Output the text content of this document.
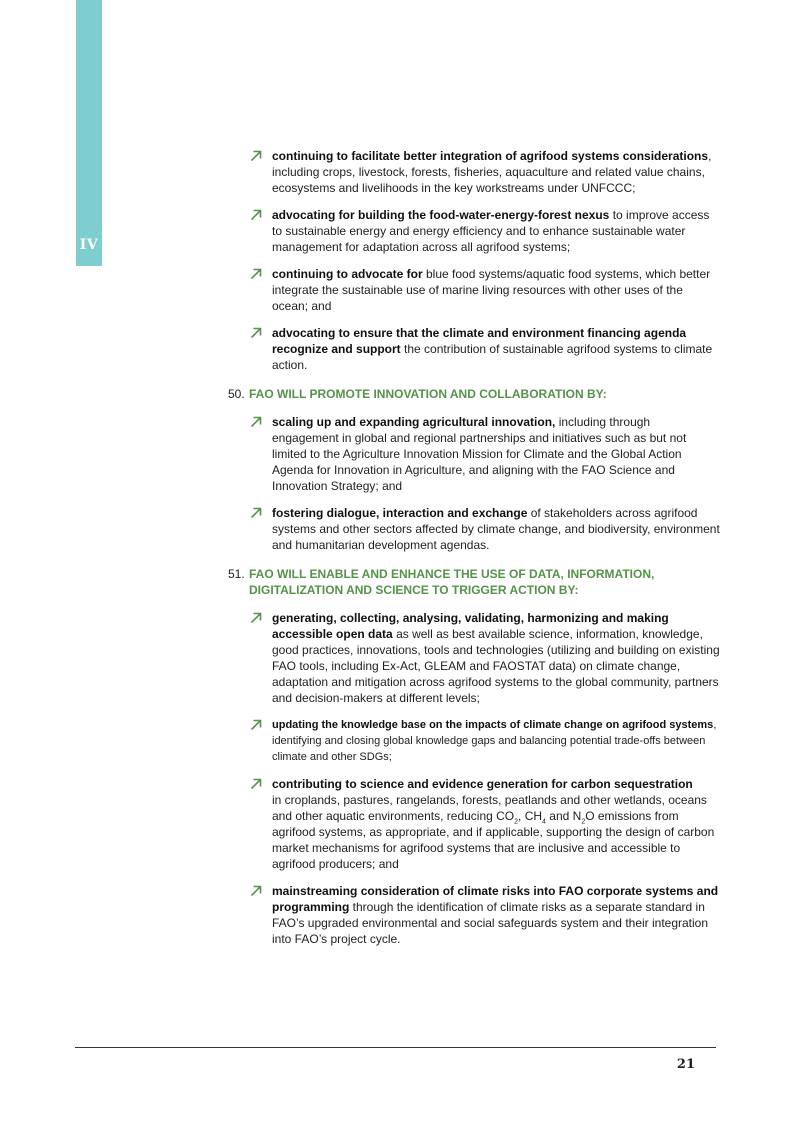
IV
continuing to facilitate better integration of agrifood systems considerations, including crops, livestock, forests, fisheries, aquaculture and related value chains, ecosystems and livelihoods in the key workstreams under UNFCCC;
advocating for building the food-water-energy-forest nexus to improve access to sustainable energy and energy efficiency and to enhance sustainable water management for adaptation across all agrifood systems;
continuing to advocate for blue food systems/aquatic food systems, which better integrate the sustainable use of marine living resources with other uses of the ocean; and
advocating to ensure that the climate and environment financing agenda recognize and support the contribution of sustainable agrifood systems to climate action.
50. FAO WILL PROMOTE INNOVATION AND COLLABORATION BY:
scaling up and expanding agricultural innovation, including through engagement in global and regional partnerships and initiatives such as but not limited to the Agriculture Innovation Mission for Climate and the Global Action Agenda for Innovation in Agriculture, and aligning with the FAO Science and Innovation Strategy; and
fostering dialogue, interaction and exchange of stakeholders across agrifood systems and other sectors affected by climate change, and biodiversity, environment and humanitarian development agendas.
51. FAO WILL ENABLE AND ENHANCE THE USE OF DATA, INFORMATION, DIGITALIZATION AND SCIENCE TO TRIGGER ACTION BY:
generating, collecting, analysing, validating, harmonizing and making accessible open data as well as best available science, information, knowledge, good practices, innovations, tools and technologies (utilizing and building on existing FAO tools, including Ex-Act, GLEAM and FAOSTAT data) on climate change, adaptation and mitigation across agrifood systems to the global community, partners and decision-makers at different levels;
updating the knowledge base on the impacts of climate change on agrifood systems, identifying and closing global knowledge gaps and balancing potential trade-offs between climate and other SDGs;
contributing to science and evidence generation for carbon sequestration
in croplands, pastures, rangelands, forests, peatlands and other wetlands, oceans and other aquatic environments, reducing $CO_2$, $CH_4$ and $N_2O$ emissions from agrifood systems, as appropriate, and if applicable, supporting the design of carbon market mechanisms for agrifood systems that are inclusive and accessible to agrifood producers; and
mainstreaming consideration of climate risks into FAO corporate systems and programming through the identification of climate risks as a separate standard in FAO’s upgraded environmental and social safeguards system and their integration into FAO’s project cycle.
21
